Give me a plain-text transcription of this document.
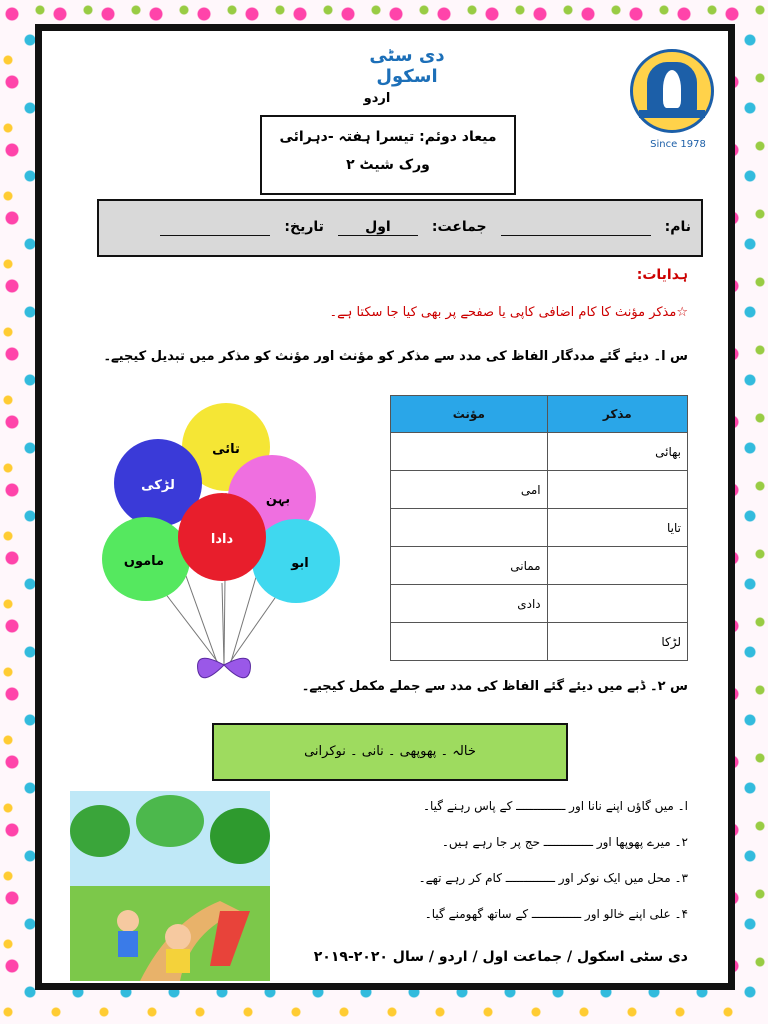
دی سٹی اسکول
اردو
Since 1978
میعاد دوئم: تیسرا ہفتہ -دہرائی
ورک شیٹ ۲
نام:
جماعت:
اول
تاریخ:
ہدایات:
☆مذکر مؤنث کا کام اضافی کاپی یا صفحے پر بھی کیا جا سکتا ہے۔
س ا۔ دیئے گئے مددگار الفاظ کی مدد سے مذکر کو مؤنث اور مؤنث کو مذکر میں تبدیل کیجیے۔
تائی
لڑکی
بہن
دادا
ماموں	ابو
مذکر	مؤنث
بھائی	
	امی
تایا	
	ممانی
	دادی
لڑکا	
س ۲۔ ڈبے میں دیئے گئے الفاظ کی مدد سے جملے مکمل کیجیے۔
خالہ ۔ پھوپھی ۔ نانی ۔ نوکرانی
ا۔ میں گاؤں اپنے نانا اور ــــــــــــــ کے پاس رہنے گیا۔
۲۔ میرے پھوپھا اور ــــــــــــــ حج پر جا رہے ہیں۔
۳۔ محل میں ایک نوکر اور ــــــــــــــ کام کر رہے تھے۔
۴۔ علی اپنے خالو اور ــــــــــــــ کے ساتھ گھومنے گیا۔
دی سٹی اسکول / جماعت اول / اردو / سال ۲۰۲۰-۲۰۱۹
